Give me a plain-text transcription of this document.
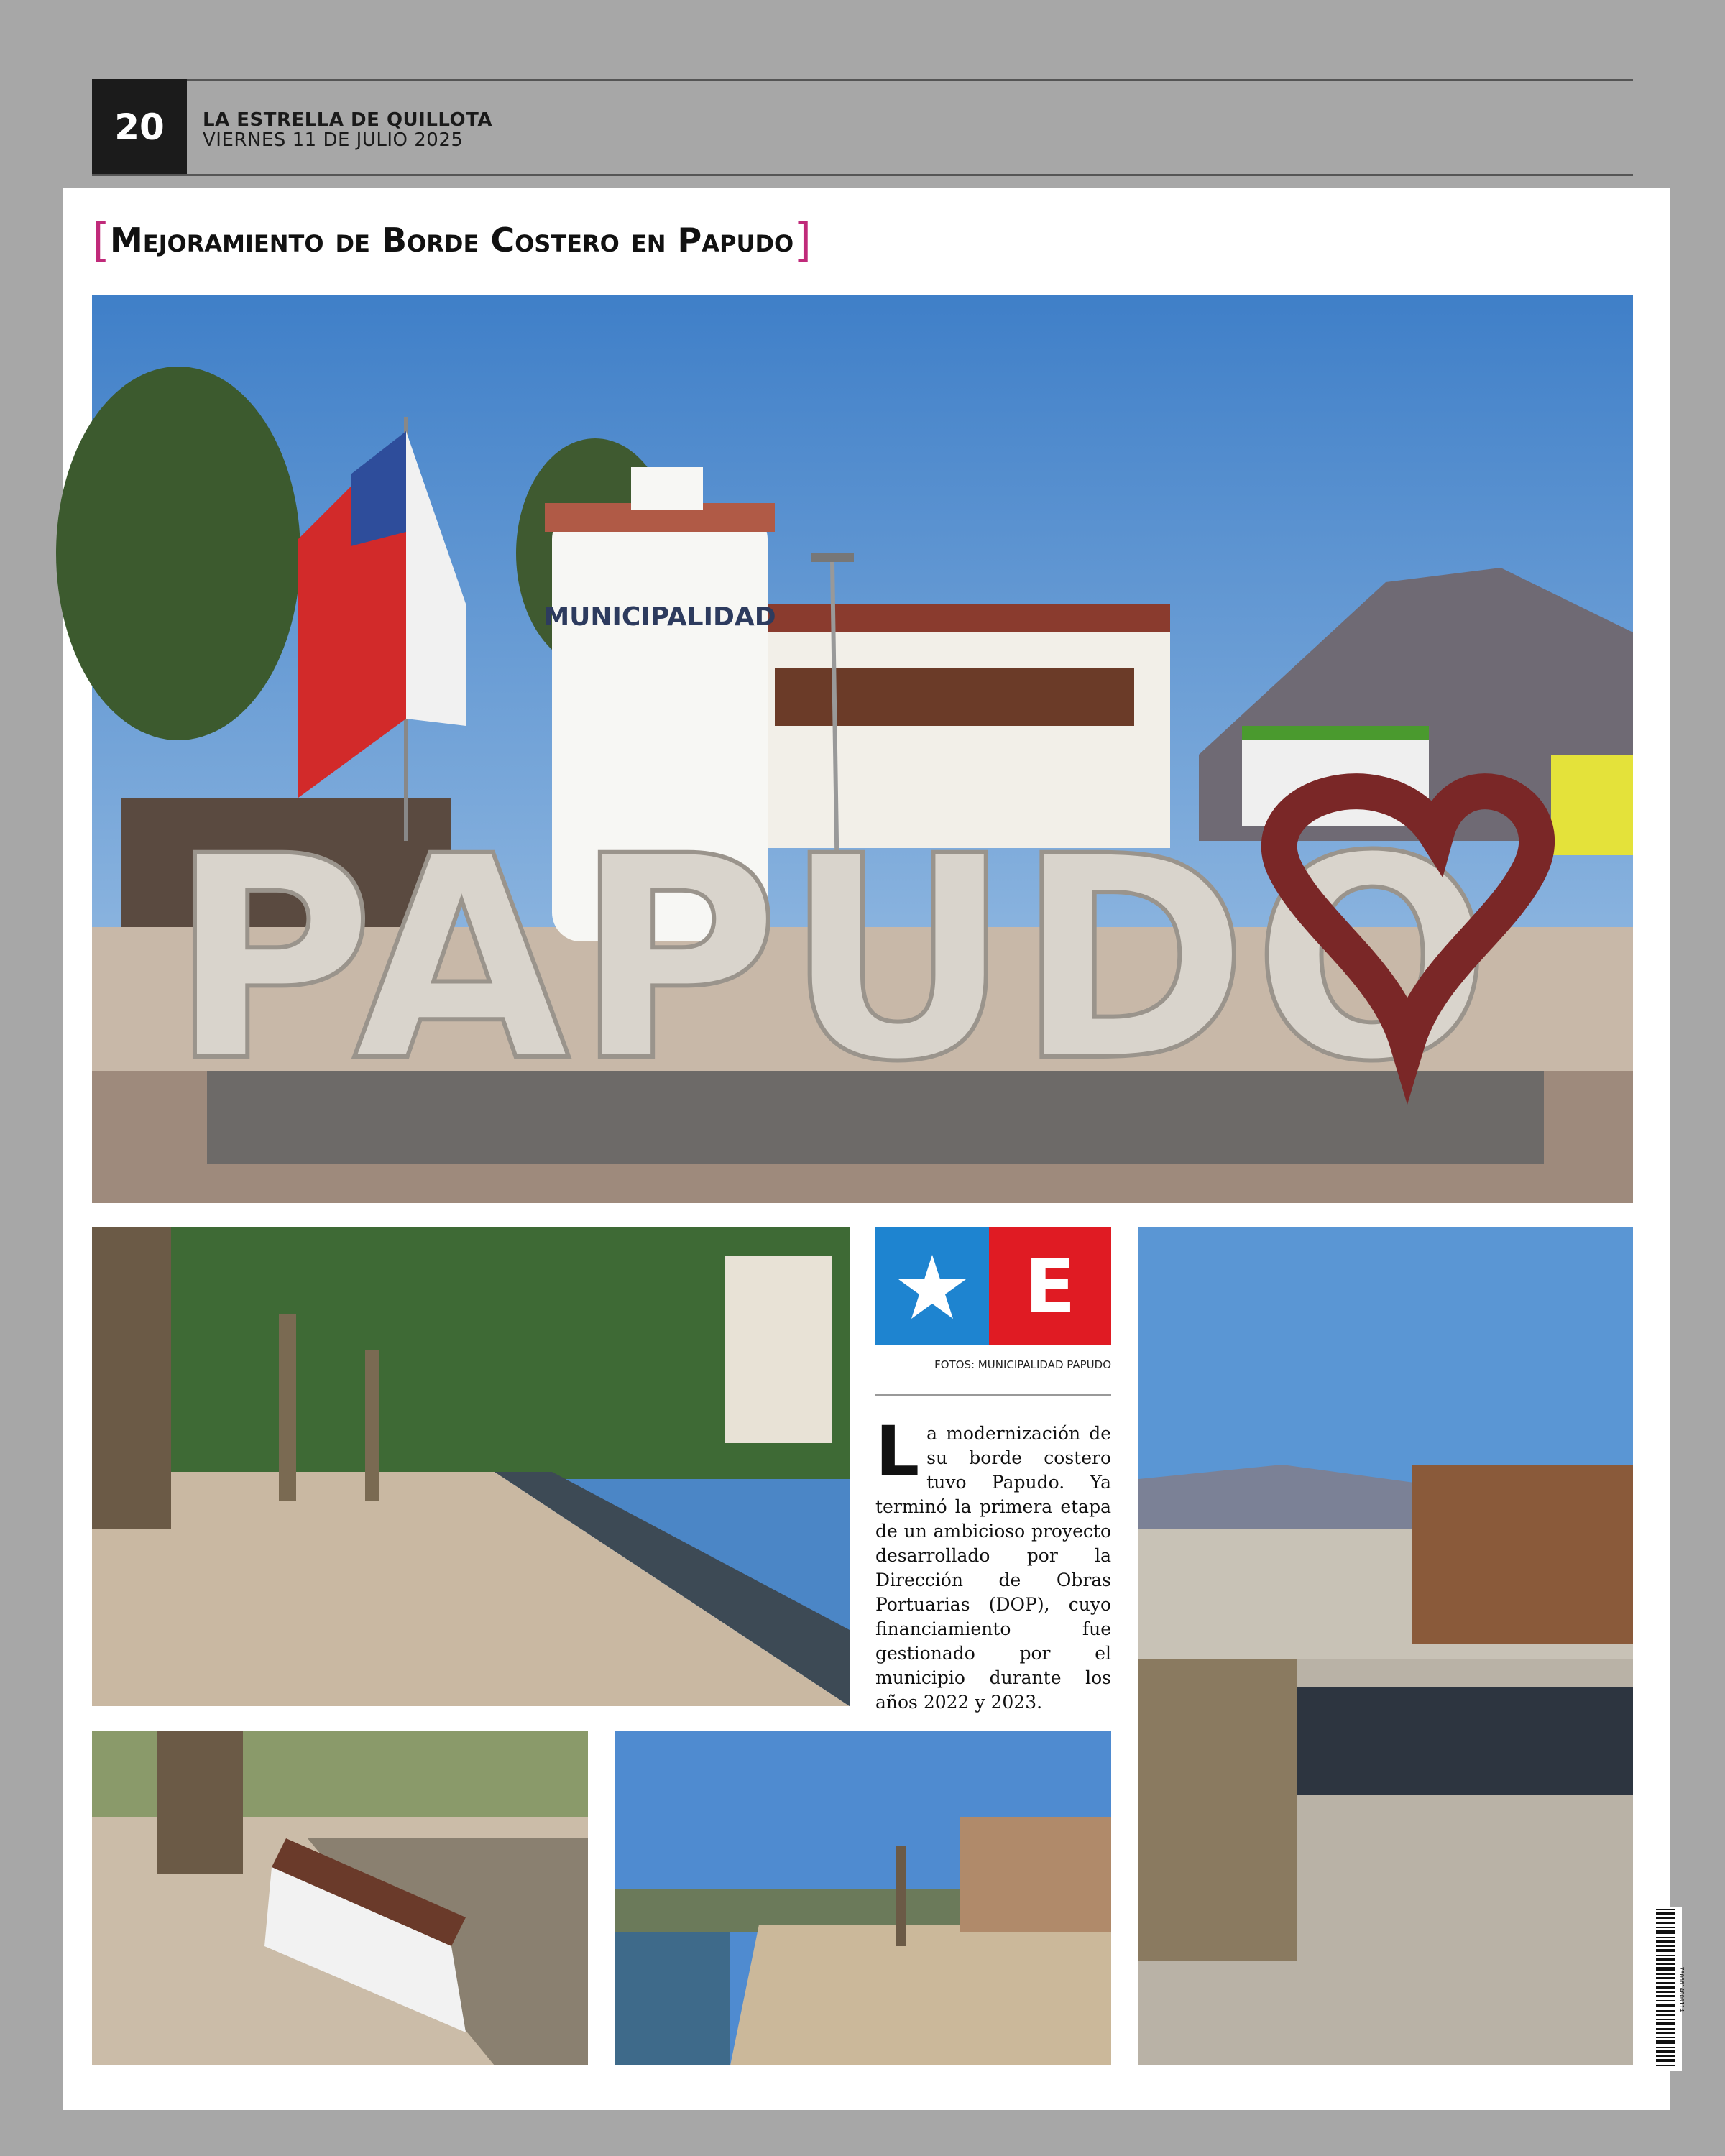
20	LA ESTRELLA DE QUILLOTA
VIERNES 11 DE JULIO 2025
[Mejoramiento de Borde Costero en Papudo]
MUNICIPALIDAD
PAPUDO
E
FOTOS: MUNICIPALIDAD PAPUDO

La modernización de su borde costero tuvo Papudo. Ya terminó la primera etapa de un ambicioso proyecto desarrollado por la Dirección de Obras Portuarias (DOP), cuyo financiamiento fue gestionado por el municipio durante los años 2022 y 2023.

7806614000114
